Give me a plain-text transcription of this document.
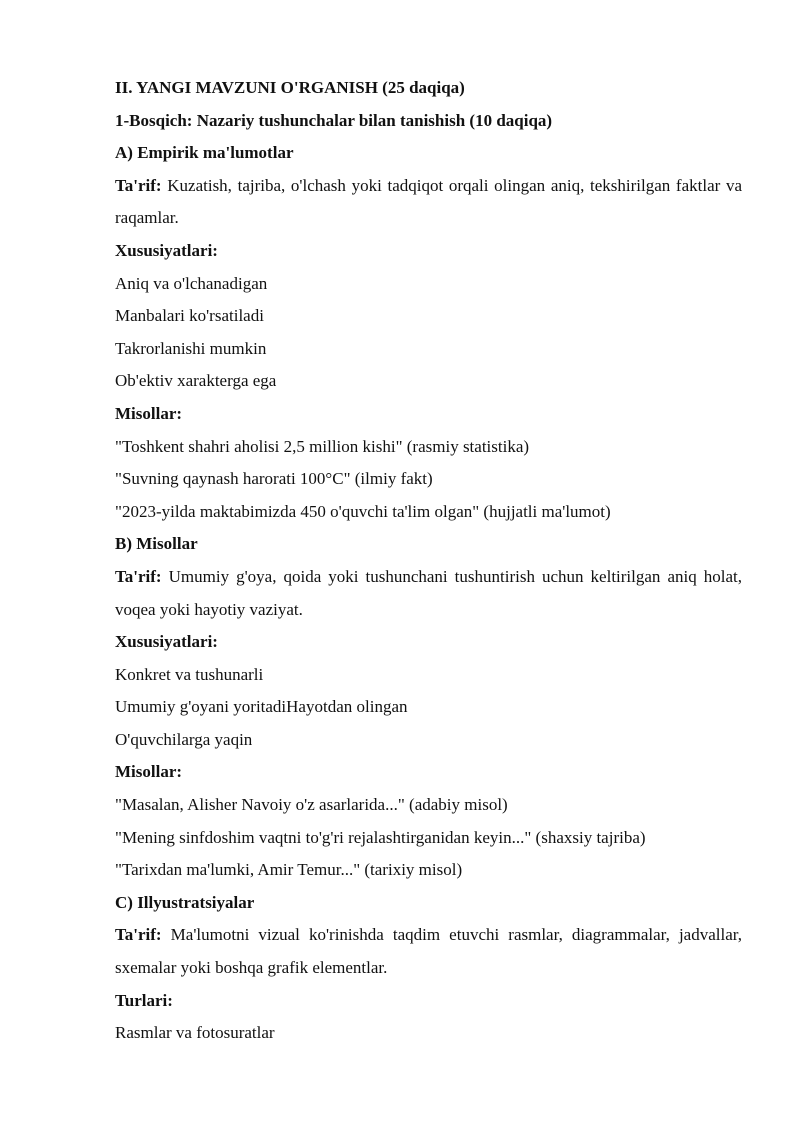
II. YANGI MAVZUNI O'RGANISH (25 daqiqa)
1-Bosqich: Nazariy tushunchalar bilan tanishish (10 daqiqa)
A) Empirik ma'lumotlar
Ta'rif: Kuzatish, tajriba, o'lchash yoki tadqiqot orqali olingan aniq, tekshirilgan faktlar va raqamlar.
Xususiyatlari:
Aniq va o'lchanadigan
Manbalari ko'rsatiladi
Takrorlanishi mumkin
Ob'ektiv xarakterga ega
Misollar:
"Toshkent shahri aholisi 2,5 million kishi" (rasmiy statistika)
"Suvning qaynash harorati 100°C" (ilmiy fakt)
"2023-yilda maktabimizda 450 o'quvchi ta'lim olgan" (hujjatli ma'lumot)
B) Misollar
Ta'rif: Umumiy g'oya, qoida yoki tushunchani tushuntirish uchun keltirilgan aniq holat, voqea yoki hayotiy vaziyat.
Xususiyatlari:
Konkret va tushunarli
Umumiy g'oyani yoritadiHayotdan olingan
O'quvchilarga yaqin
Misollar:
"Masalan, Alisher Navoiy o'z asarlarida..." (adabiy misol)
"Mening sinfdoshim vaqtni to'g'ri rejalashtirganidan keyin..." (shaxsiy tajriba)
"Tarixdan ma'lumki, Amir Temur..." (tarixiy misol)
C) Illyustratsiyalar
Ta'rif: Ma'lumotni vizual ko'rinishda taqdim etuvchi rasmlar, diagrammalar, jadvallar, sxemalar yoki boshqa grafik elementlar.
Turlari:
Rasmlar va fotosuratlar
